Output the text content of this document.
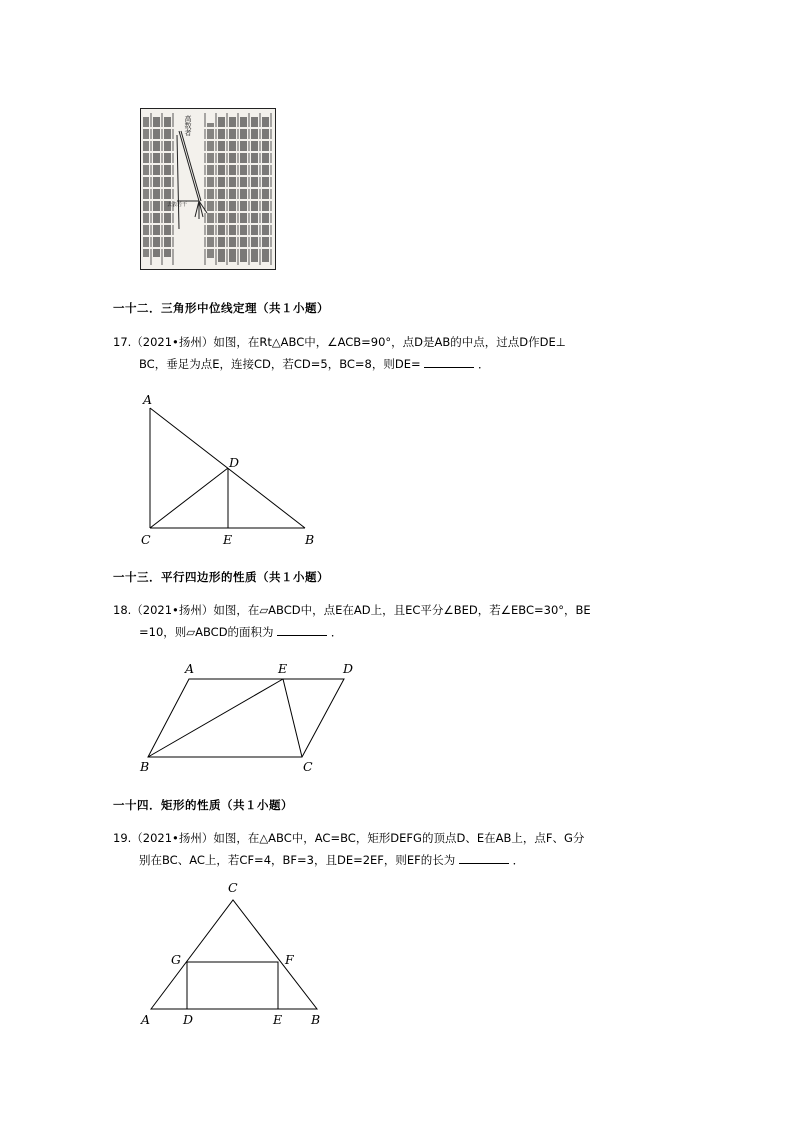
高数者
去表若干
一十二．三角形中位线定理（共１小题）
17.（2021•扬州）如图，在Rt△ABC中，∠ACB=90°，点D是AB的中点，过点D作DE⊥
BC，垂足为点E，连接CD，若CD=5，BC=8，则DE=	．
A
D
C	E	B
一十三．平行四边形的性质（共１小题）
18.（2021•扬州）如图，在▱ABCD中，点E在AD上，且EC平分∠BED，若∠EBC=30°，BE
=10，则▱ABCD的面积为	．
A	E	D
B	C
一十四．矩形的性质（共１小题）
19.（2021•扬州）如图，在△ABC中，AC=BC，矩形DEFG的顶点D、E在AB上，点F、G分
别在BC、AC上，若CF=4，BF=3，且DE=2EF，则EF的长为	．
C
G	F
A	D	E B
